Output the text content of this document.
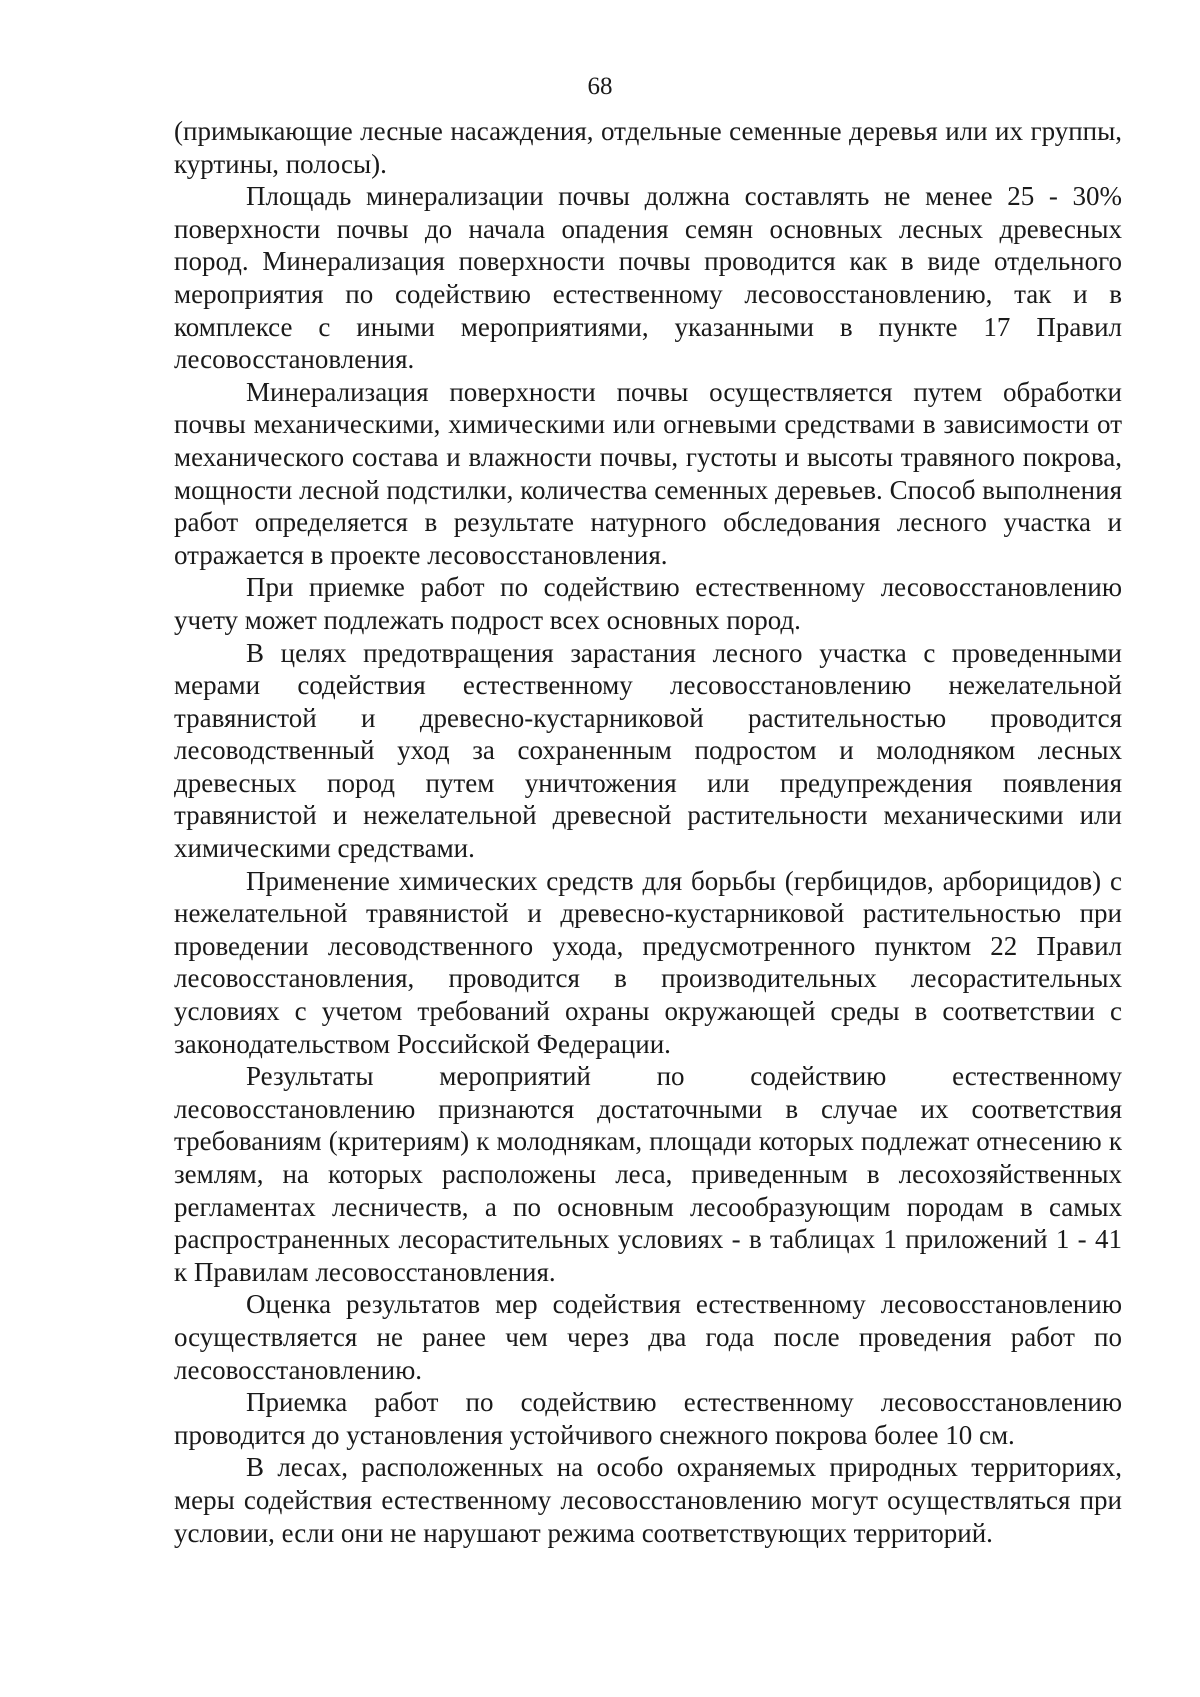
68

(примыкающие лесные насаждения, отдельные семенные деревья или их группы, куртины, полосы).

Площадь минерализации почвы должна составлять не менее 25 - 30% поверхности почвы до начала опадения семян основных лесных древесных пород. Минерализация поверхности почвы проводится как в виде отдельного мероприятия по содействию естественному лесовосстановлению, так и в комплексе с иными мероприятиями, указанными в пункте 17 Правил лесовосстановления.

Минерализация поверхности почвы осуществляется путем обработки почвы механическими, химическими или огневыми средствами в зависимости от механического состава и влажности почвы, густоты и высоты травяного покрова, мощности лесной подстилки, количества семенных деревьев. Способ выполнения работ определяется в результате натурного обследования лесного участка и отражается в проекте лесовосстановления.

При приемке работ по содействию естественному лесовосстановлению учету может подлежать подрост всех основных пород.

В целях предотвращения зарастания лесного участка с проведенными мерами содействия естественному лесовосстановлению нежелательной травянистой и древесно-кустарниковой растительностью проводится лесоводственный уход за сохраненным подростом и молодняком лесных древесных пород путем уничтожения или предупреждения появления травянистой и нежелательной древесной растительности механическими или химическими средствами.

Применение химических средств для борьбы (гербицидов, арборицидов) с нежелательной травянистой и древесно-кустарниковой растительностью при проведении лесоводственного ухода, предусмотренного пунктом 22 Правил лесовосстановления, проводится в производительных лесорастительных условиях с учетом требований охраны окружающей среды в соответствии с законодательством Российской Федерации.

Результаты мероприятий по содействию естественному лесовосстановлению признаются достаточными в случае их соответствия требованиям (критериям) к молоднякам, площади которых подлежат отнесению к землям, на которых расположены леса, приведенным в лесохозяйственных регламентах лесничеств, а по основным лесообразующим породам в самых распространенных лесорастительных условиях - в таблицах 1 приложений 1 - 41 к Правилам лесовосстановления.

Оценка результатов мер содействия естественному лесовосстановлению осуществляется не ранее чем через два года после проведения работ по лесовосстановлению.

Приемка работ по содействию естественному лесовосстановлению проводится до установления устойчивого снежного покрова более 10 см.

В лесах, расположенных на особо охраняемых природных территориях, меры содействия естественному лесовосстановлению могут осуществляться при условии, если они не нарушают режима соответствующих территорий.
